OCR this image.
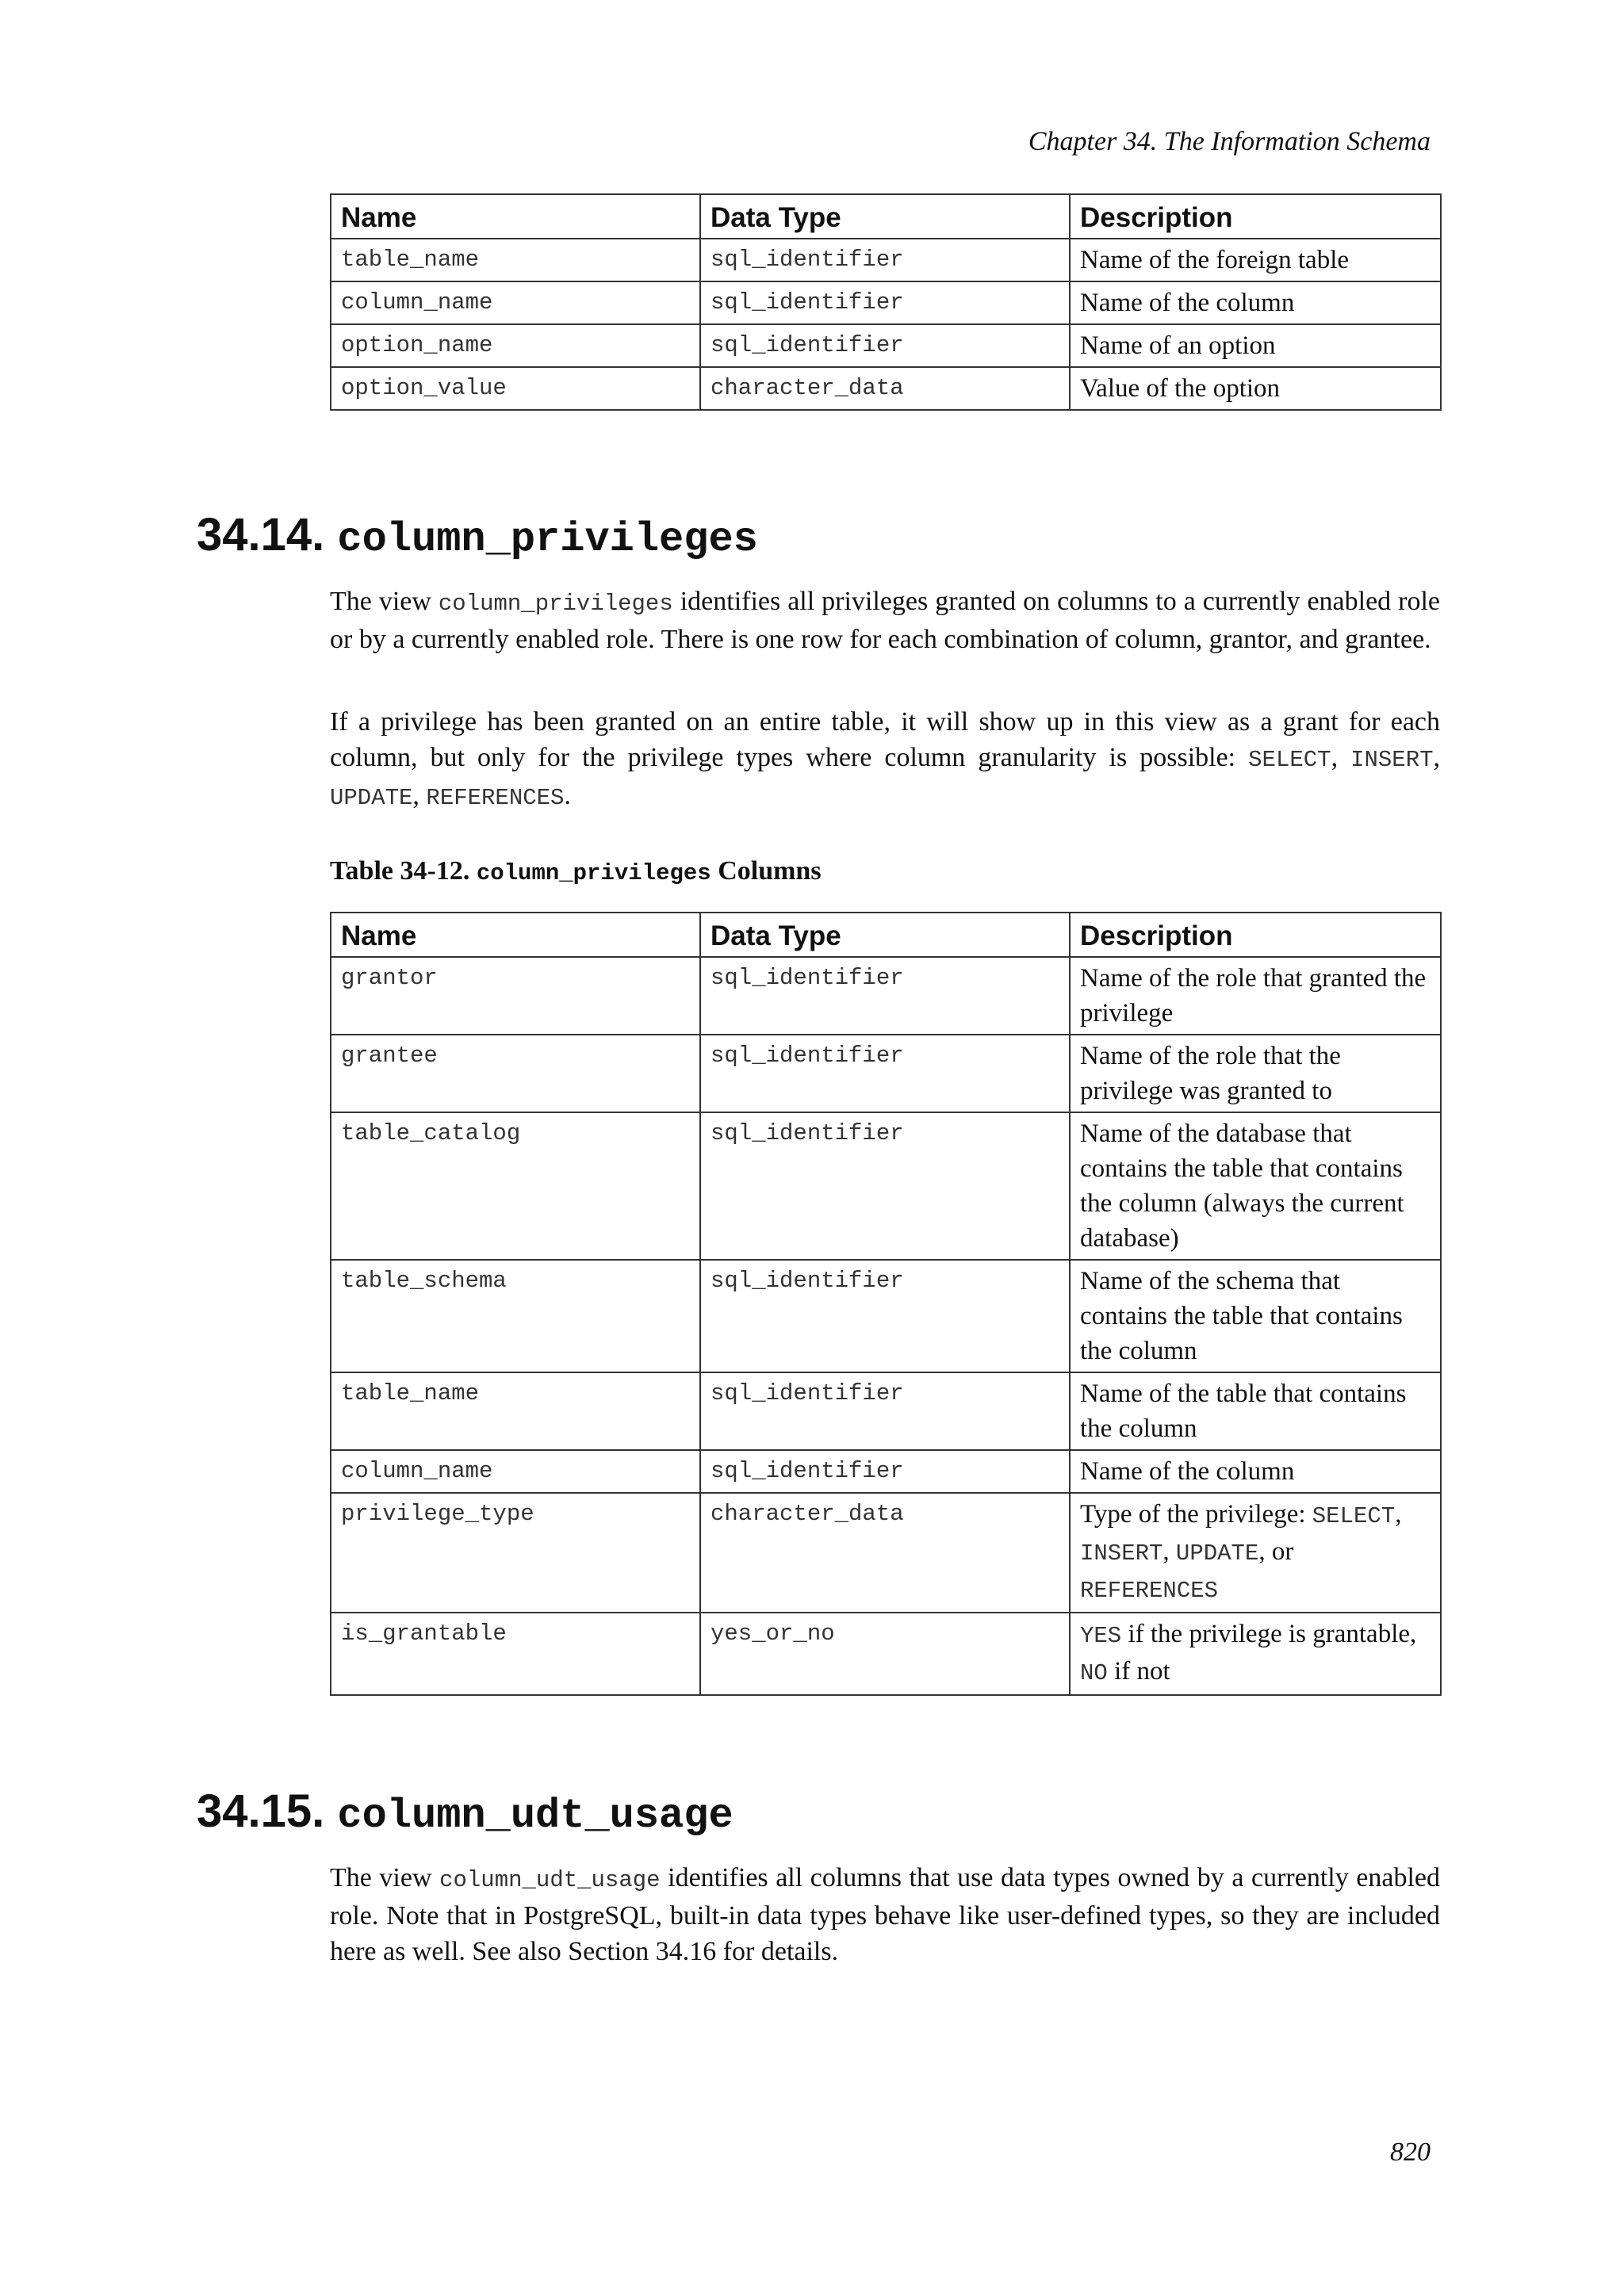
Chapter 34. The Information Schema
Name	Data Type	Description
table_name	sql_identifier	Name of the foreign table
column_name	sql_identifier	Name of the column
option_name	sql_identifier	Name of an option
option_value	character_data	Value of the option
34.14. column_privileges

The view column_privileges identifies all privileges granted on columns to a currently enabled role or by a currently enabled role. There is one row for each combination of column, grantor, and grantee.

If a privilege has been granted on an entire table, it will show up in this view as a grant for each column, but only for the privilege types where column granularity is possible: SELECT, INSERT, UPDATE, REFERENCES.

Table 34-12. column_privileges Columns

Name	Data Type	Description
grantor	sql_identifier	Name of the role that granted the privilege
grantee	sql_identifier	Name of the role that the privilege was granted to
table_catalog	sql_identifier	Name of the database that contains the table that contains the column (always the current database)
table_schema	sql_identifier	Name of the schema that contains the table that contains the column
table_name	sql_identifier	Name of the table that contains the column
column_name	sql_identifier	Name of the column
privilege_type	character_data	Type of the privilege: SELECT, INSERT, UPDATE, or REFERENCES
is_grantable	yes_or_no	YES if the privilege is grantable, NO if not
34.15. column_udt_usage

The view column_udt_usage identifies all columns that use data types owned by a currently enabled role. Note that in PostgreSQL, built-in data types behave like user-defined types, so they are included here as well. See also Section 34.16 for details.

820
